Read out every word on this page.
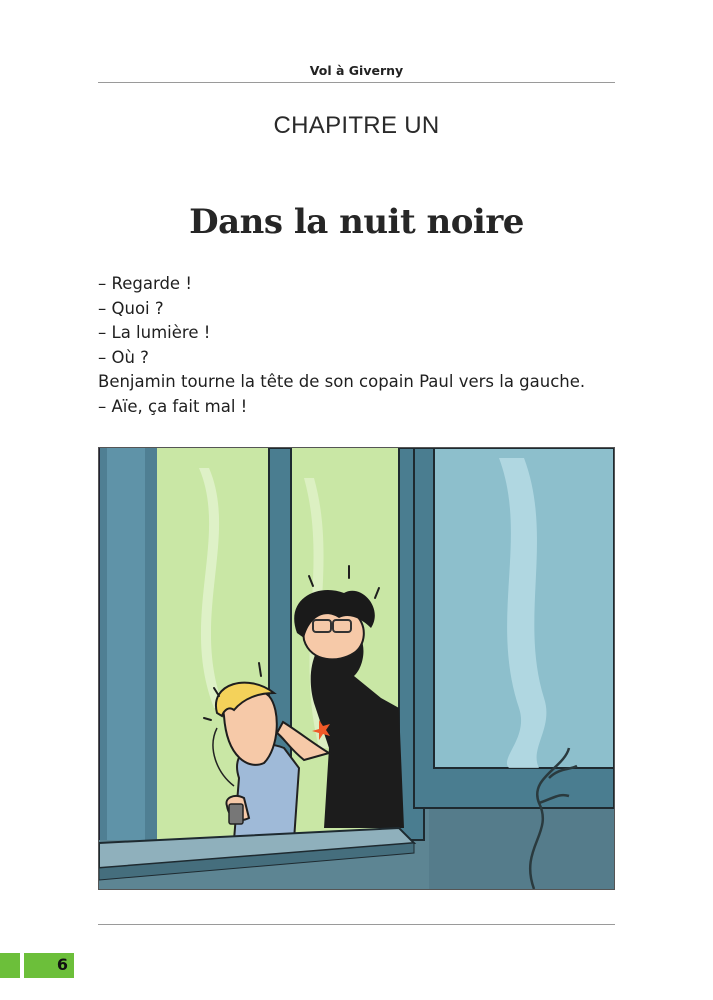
Vol à Giverny
CHAPITRE UN
Dans la nuit noire
– Regarde !
– Quoi ?
– La lumière !
– Où ?
Benjamin tourne la tête de son copain Paul vers la gauche.
– Aïe, ça fait mal !
6
